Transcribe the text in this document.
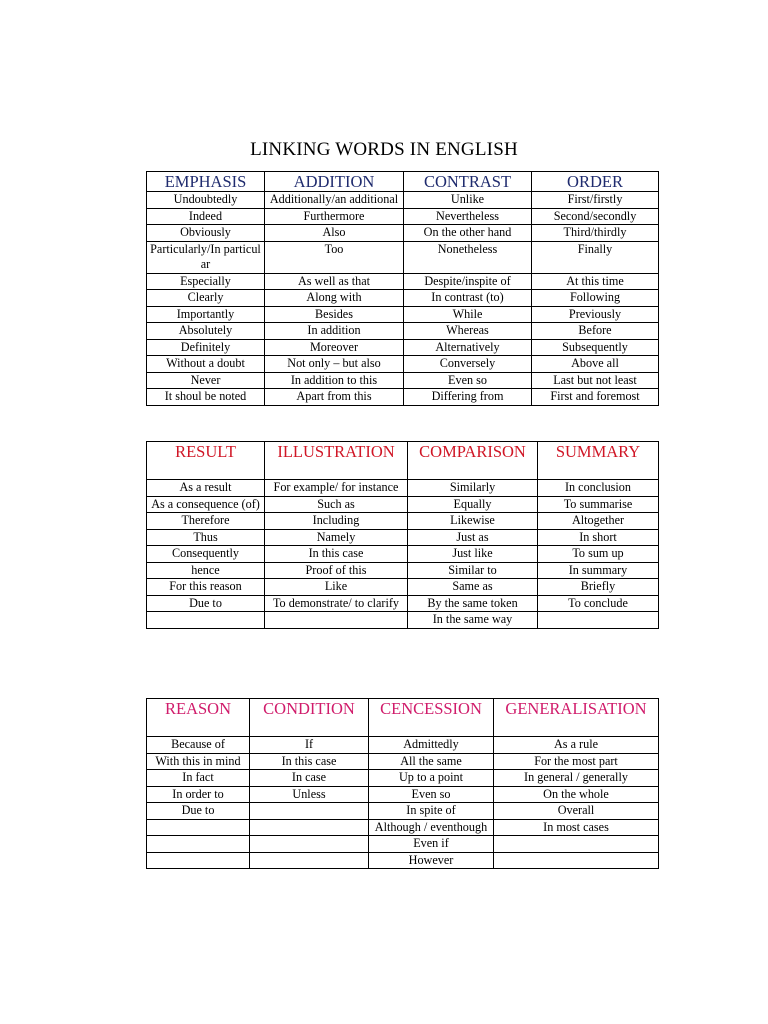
LINKING WORDS IN ENGLISH
EMPHASIS	ADDITION	CONTRAST	ORDER
Undoubtedly	Additionally/an additional	Unlike	First/firstly
Indeed	Furthermore	Nevertheless	Second/secondly
Obviously	Also	On the other hand	Third/thirdly
Particularly/In particular	Too	Nonetheless	Finally
Especially	As well as that	Despite/inspite of	At this time
Clearly	Along with	In contrast (to)	Following
Importantly	Besides	While	Previously
Absolutely	In addition	Whereas	Before
Definitely	Moreover	Alternatively	Subsequently
Without a doubt	Not only – but also	Conversely	Above all
Never	In addition to this	Even so	Last but not least
It shoul be noted	Apart from this	Differing from	First and foremost
RESULT	ILLUSTRATION	COMPARISON	SUMMARY
As a result	For example/ for instance	Similarly	In conclusion
As a consequence (of)	Such as	Equally	To summarise
Therefore	Including	Likewise	Altogether
Thus	Namely	Just as	In short
Consequently	In this case	Just like	To sum up
hence	Proof of this	Similar to	In summary
For this reason	Like	Same as	Briefly
Due to	To demonstrate/ to clarify	By the same token	To conclude
		In the same way	
REASON	CONDITION	CENCESSION	GENERALISATION
Because of	If	Admittedly	As a rule
With this in mind	In this case	All the same	For the most part
In fact	In case	Up to a point	In general / generally
In order to	Unless	Even so	On the whole
Due to		In spite of	Overall
		Although / eventhough	In most cases
		Even if	
		However	
